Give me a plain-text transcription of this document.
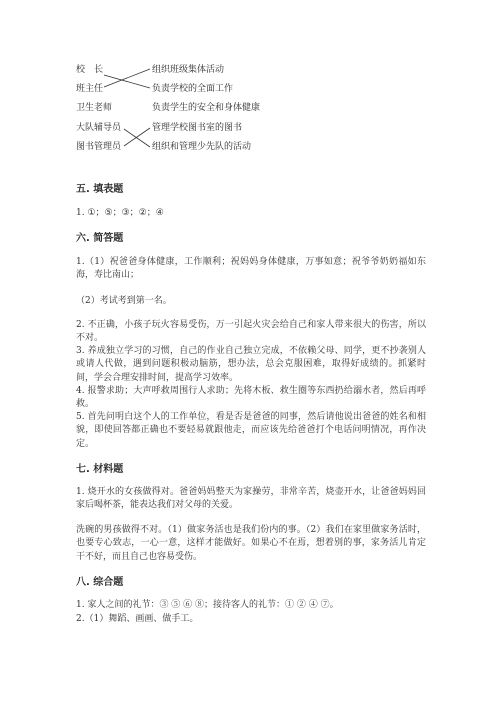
校　长
班主任
卫生老师
大队辅导员
图书管理员
组织班级集体活动
负责学校的全面工作
负责学生的安全和身体健康
管理学校图书室的图书
组织和管理少先队的活动
五. 填表题
1. ①；⑤；③；②；④
六. 简答题
1.（1）祝爸爸身体健康，工作顺利；祝妈妈身体健康，万事如意；祝爷爷奶奶福如东海，寿比南山；
（2）考试考到第一名。
2. 不正确，小孩子玩火容易受伤，万一引起火灾会给自己和家人带来很大的伤害，所以不对。
3. 养成独立学习的习惯，自己的作业自己独立完成，不依赖父母、同学，更不抄袭别人或请人代做，遇到问题积极动脑筋，想办法，总会克服困难，取得好成绩的。抓紧时间，学会合理安排时间，提高学习效率。
4. 报警求助；大声呼救周围行人求助；先将木板、救生圈等东西扔给溺水者，然后再呼救。
5. 首先问明白这个人的工作单位，看是否是爸爸的同事，然后请他说出爸爸的姓名和相貌，即使回答都正确也不要轻易就跟他走，而应该先给爸爸打个电话问明情况，再作决定。
七. 材料题
1. 烧开水的女孩做得对。爸爸妈妈整天为家操劳，非常辛苦，烧壶开水，让爸爸妈妈回家后喝杯茶，能表达我们对父母的关爱。
洗碗的男孩做得不对。（1）做家务活也是我们份内的事。（2）我们在家里做家务活时，也要专心致志，一心一意，这样才能做好。如果心不在焉，想着别的事，家务活儿肯定干不好，而且自己也容易受伤。
八. 综合题
1. 家人之间的礼节：③ ⑤ ⑥ ⑧；接待客人的礼节：① ② ④ ⑦。
2.（1）舞蹈、画画、做手工。
